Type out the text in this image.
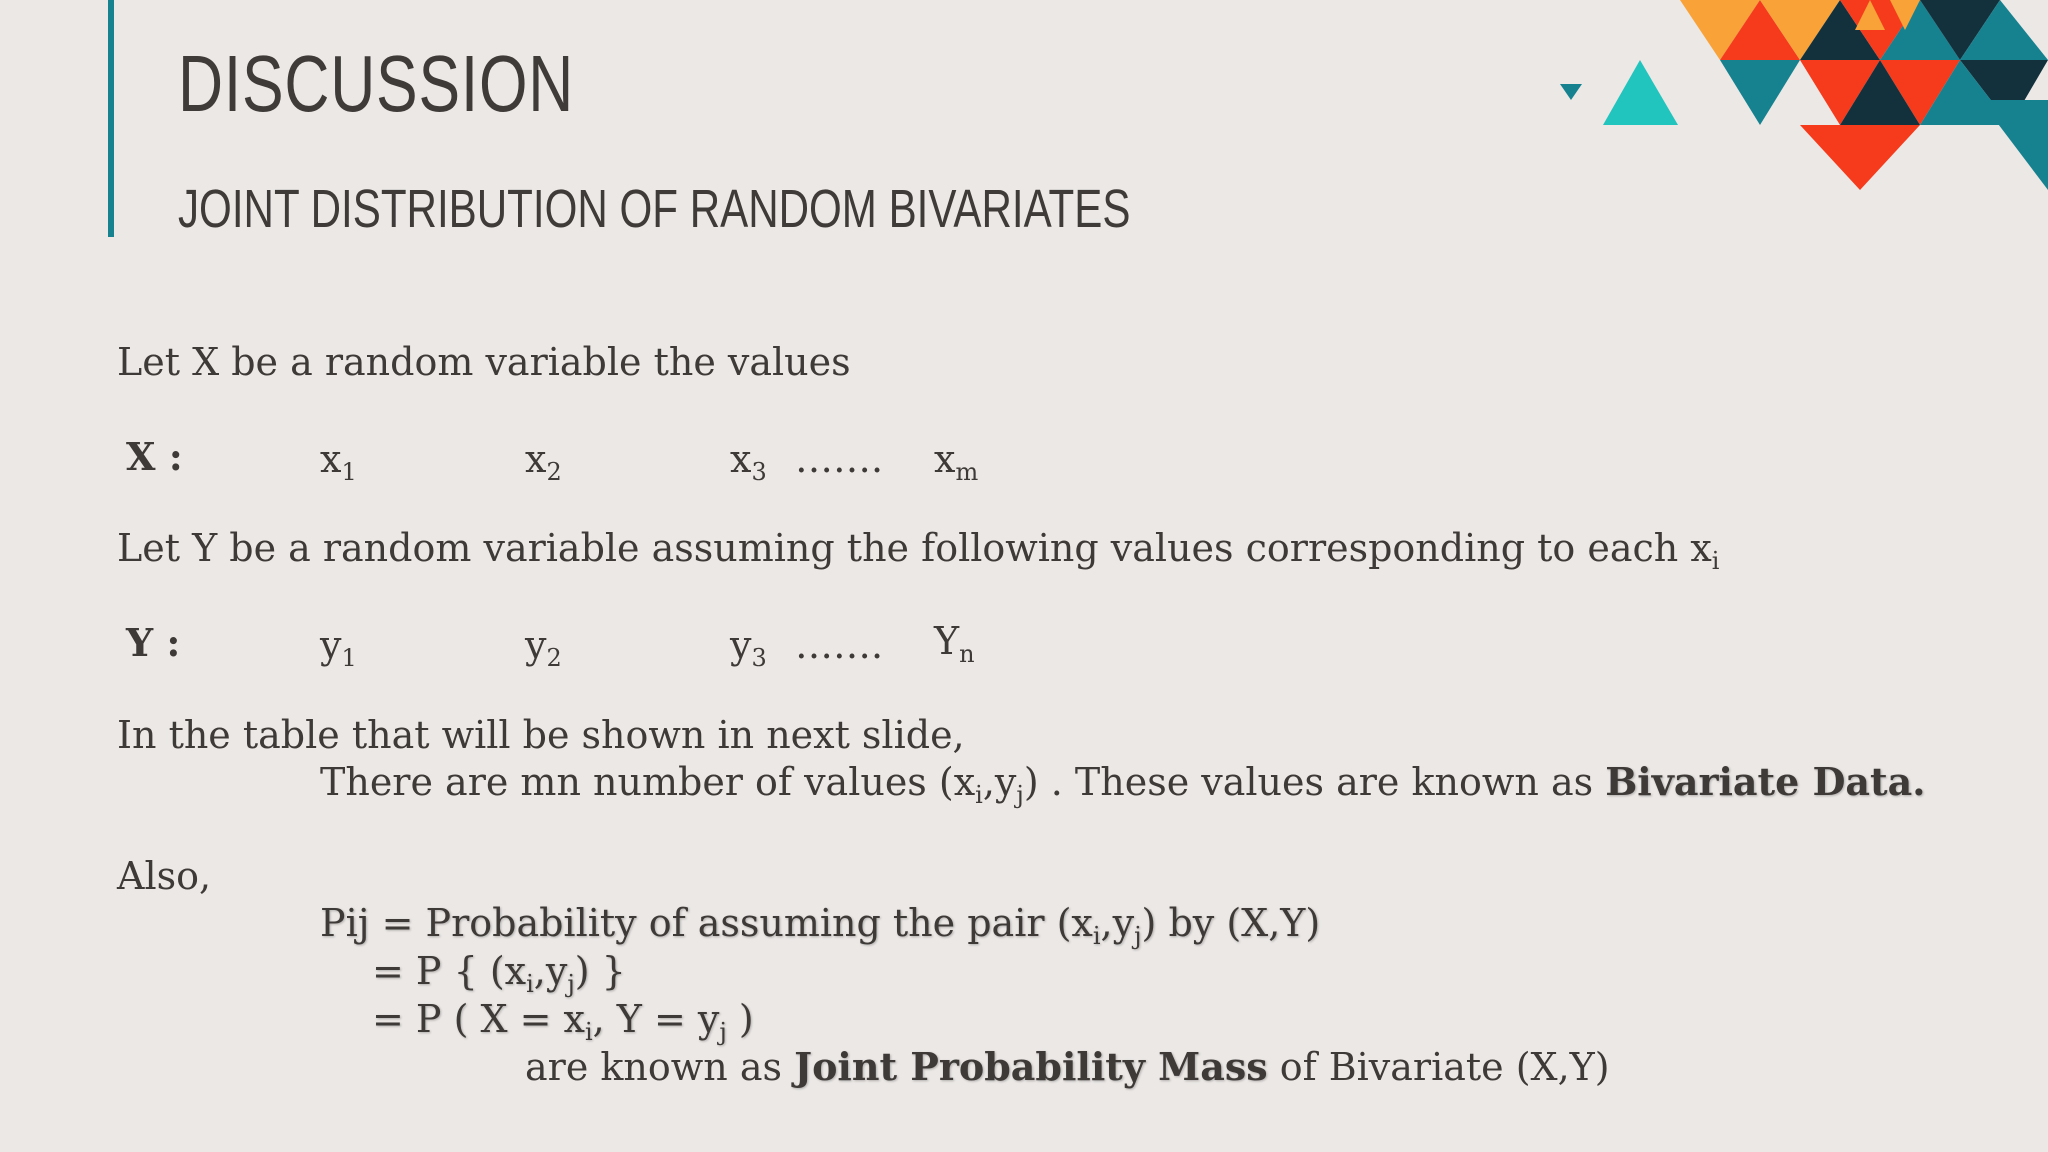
DISCUSSION
JOINT DISTRIBUTION OF RANDOM BIVARIATES
Let X be a random variable the values
X :	$x_1$	$x_2$	$x_3$ ……. $x_m$
Let Y be a random variable assuming the following values corresponding to each $x_i$
Y :	$y_1$	$y_2$	$y_3$ ……. $Y_n$
In the table that will be shown in next slide,
There are mn number of values $(x_i,y_j)$ . These values are known as Bivariate Data.
Also,
Pij = Probability of assuming the pair $(x_i,y_j)$ by (X,Y)
= P { $(x_i,y_j)$ }
= P ( $X = x_i$, $Y = y_j$ )
are known as Joint Probability Mass of Bivariate (X,Y)
